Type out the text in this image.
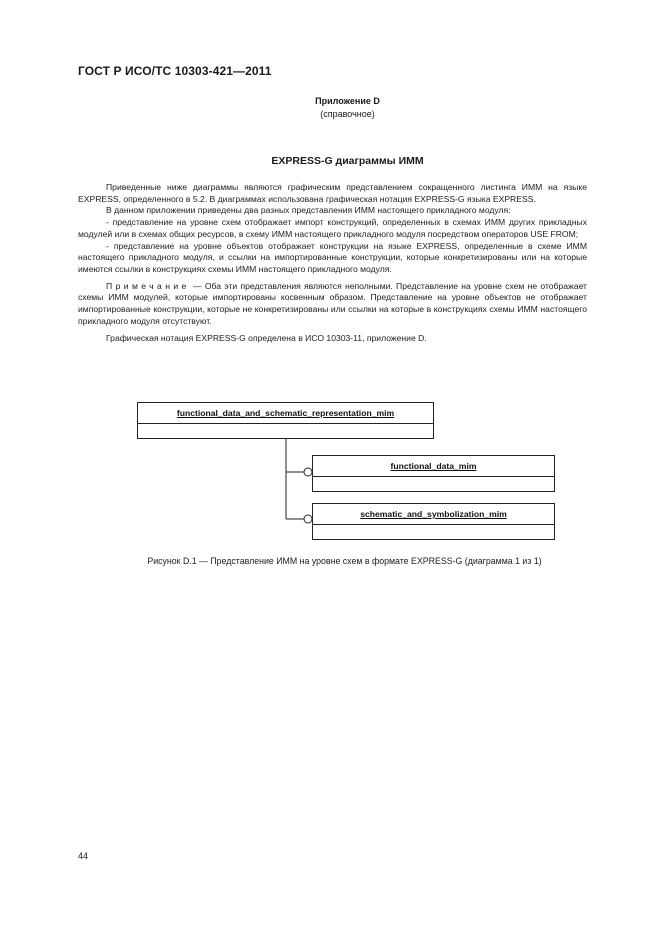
ГОСТ Р ИСО/ТС 10303-421—2011
Приложение D
(справочное)
EXPRESS-G диаграммы ИММ

Приведенные ниже диаграммы являются графическим представлением сокращенного листинга ИММ на языке EXPRESS, определенного в 5.2. В диаграммах использована графическая нотация EXPRESS-G языка EXPRESS.

В данном приложении приведены два разных представления ИММ настоящего прикладного модуля:

- представление на уровне схем отображает импорт конструкций, определенных в схемах ИММ других прикладных модулей или в схемах общих ресурсов, в схему ИММ настоящего прикладного модуля посредством операторов USE FROM;

- представление на уровне объектов отображает конструкции на языке EXPRESS, определенные в схеме ИММ настоящего прикладного модуля, и ссылки на импортированные конструкции, которые конкретизированы или на которые имеются ссылки в конструкциях схемы ИММ настоящего прикладного модуля.

Примечание — Оба эти представления являются неполными. Представление на уровне схем не отображает схемы ИММ модулей, которые импортированы косвенным образом. Представление на уровне объектов не отображает импортированные конструкции, которые не конкретизированы или ссылки на которые в конструкциях схемы ИММ настоящего прикладного модуля отсутствуют.

Графическая нотация EXPRESS-G определена в ИСО 10303-11, приложение D.

functional_data_and_schematic_representation_mim
functional_data_mim
schematic_and_symbolization_mim
Рисунок D.1 — Представление ИММ на уровне схем в формате EXPRESS-G (диаграмма 1 из 1)
44
